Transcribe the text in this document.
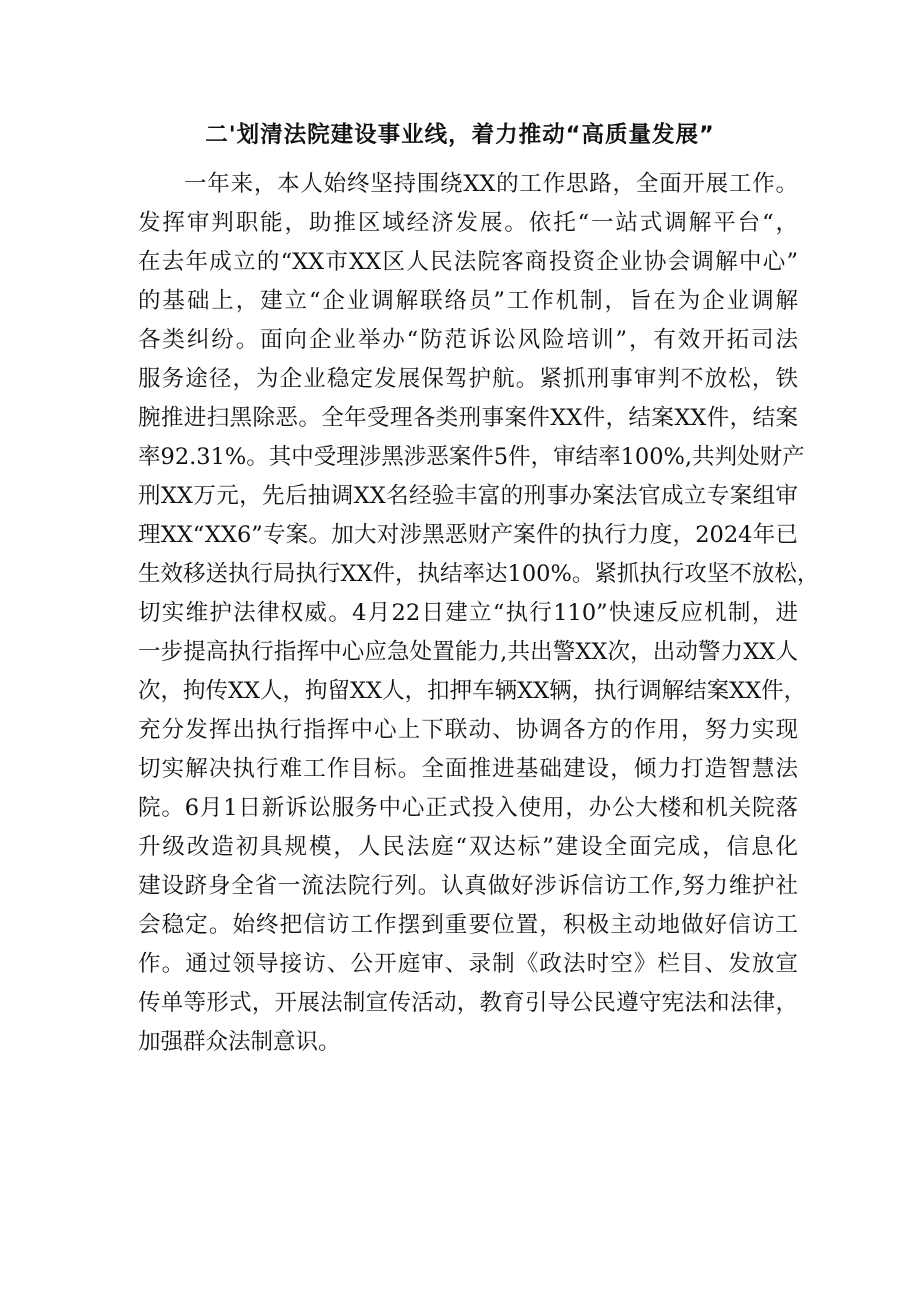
二'划清法院建设事业线，着力推动“高质量发展”
一年来，本人始终坚持围绕XX的工作思路，全面开展工作。
发挥审判职能，助推区域经济发展。依托“一站式调解平台“，
在去年成立的“XX市XX区人民法院客商投资企业协会调解中心”
的基础上，建立“企业调解联络员”工作机制，旨在为企业调解
各类纠纷。面向企业举办“防范诉讼风险培训”，有效开拓司法
服务途径，为企业稳定发展保驾护航。紧抓刑事审判不放松，铁
腕推进扫黑除恶。全年受理各类刑事案件XX件，结案XX件，结案
率92.31%。其中受理涉黑涉恶案件5件，审结率100%,共判处财产
刑XX万元，先后抽调XX名经验丰富的刑事办案法官成立专案组审
理XX“XX6”专案。加大对涉黑恶财产案件的执行力度，2024年已
生效移送执行局执行XX件，执结率达100%。紧抓执行攻坚不放松，
切实维护法律权威。4月22日建立“执行110”快速反应机制，进
一步提高执行指挥中心应急处置能力,共出警XX次，出动警力XX人
次，拘传XX人，拘留XX人，扣押车辆XX辆，执行调解结案XX件，
充分发挥出执行指挥中心上下联动、协调各方的作用，努力实现
切实解决执行难工作目标。全面推进基础建设，倾力打造智慧法
院。6月1日新诉讼服务中心正式投入使用，办公大楼和机关院落
升级改造初具规模，人民法庭“双达标”建设全面完成，信息化
建设跻身全省一流法院行列。认真做好涉诉信访工作,努力维护社
会稳定。始终把信访工作摆到重要位置，积极主动地做好信访工
作。通过领导接访、公开庭审、录制《政法时空》栏目、发放宣
传单等形式，开展法制宣传活动，教育引导公民遵守宪法和法律，
加强群众法制意识。
